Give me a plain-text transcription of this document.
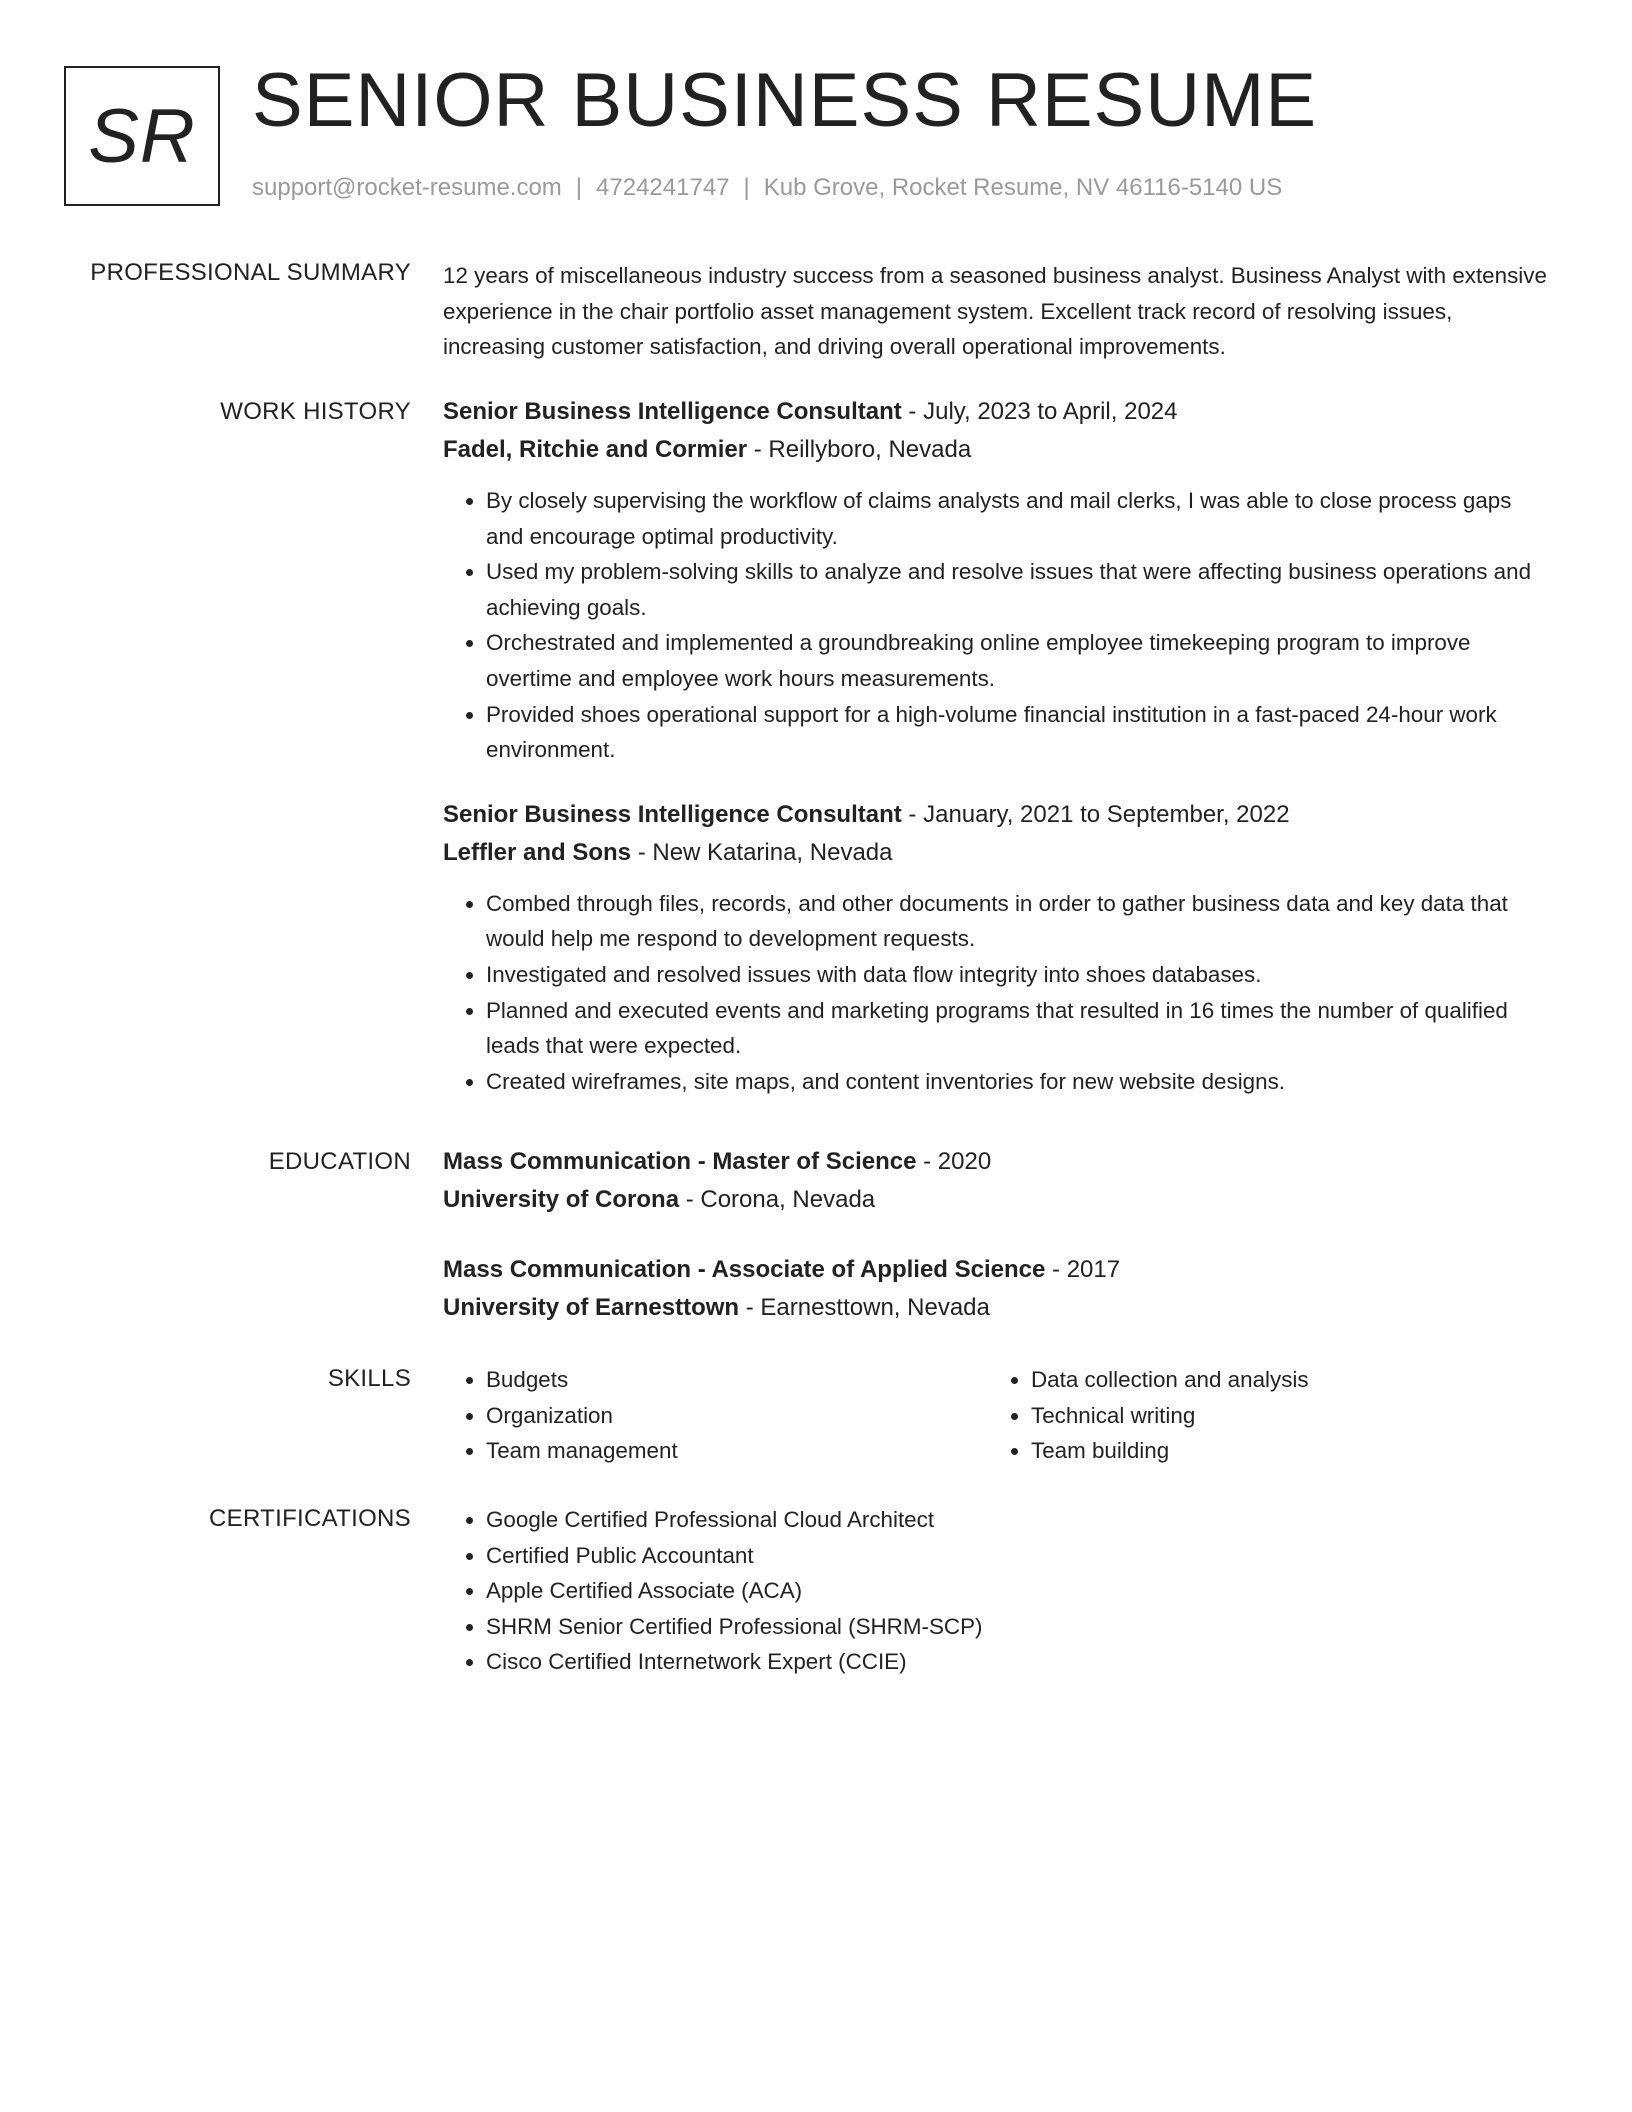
SR SENIOR BUSINESS RESUME
support@rocket-resume.com | 4724241747 | Kub Grove, Rocket Resume, NV 46116-5140 US
PROFESSIONAL SUMMARY 12 years of miscellaneous industry success from a seasoned business analyst. Business Analyst with extensive experience in the chair portfolio asset management system. Excellent track record of resolving issues, increasing customer satisfaction, and driving overall operational improvements.

WORK HISTORY Senior Business Intelligence Consultant - July, 2023 to April, 2024
Fadel, Ritchie and Cormier - Reillyboro, Nevada
• By closely supervising the workflow of claims analysts and mail clerks, I was able to close process gaps and encourage optimal productivity.
• Used my problem-solving skills to analyze and resolve issues that were affecting business operations and achieving goals.
• Orchestrated and implemented a groundbreaking online employee timekeeping program to improve overtime and employee work hours measurements.
• Provided shoes operational support for a high-volume financial institution in a fast-paced 24-hour work environment.
Senior Business Intelligence Consultant - January, 2021 to September, 2022
Leffler and Sons - New Katarina, Nevada
• Combed through files, records, and other documents in order to gather business data and key data that would help me respond to development requests.
• Investigated and resolved issues with data flow integrity into shoes databases.
• Planned and executed events and marketing programs that resulted in 16 times the number of qualified leads that were expected.
• Created wireframes, site maps, and content inventories for new website designs.
EDUCATION Mass Communication - Master of Science - 2020
University of Corona - Corona, Nevada
Mass Communication - Associate of Applied Science - 2017
University of Earnesttown - Earnesttown, Nevada
SKILLS	• Budgets
• Organization
• Team management
• Data collection and analysis
• Technical writing
• Team building
CERTIFICATIONS	• Google Certified Professional Cloud Architect
• Certified Public Accountant
• Apple Certified Associate (ACA)
• SHRM Senior Certified Professional (SHRM-SCP)
• Cisco Certified Internetwork Expert (CCIE)
